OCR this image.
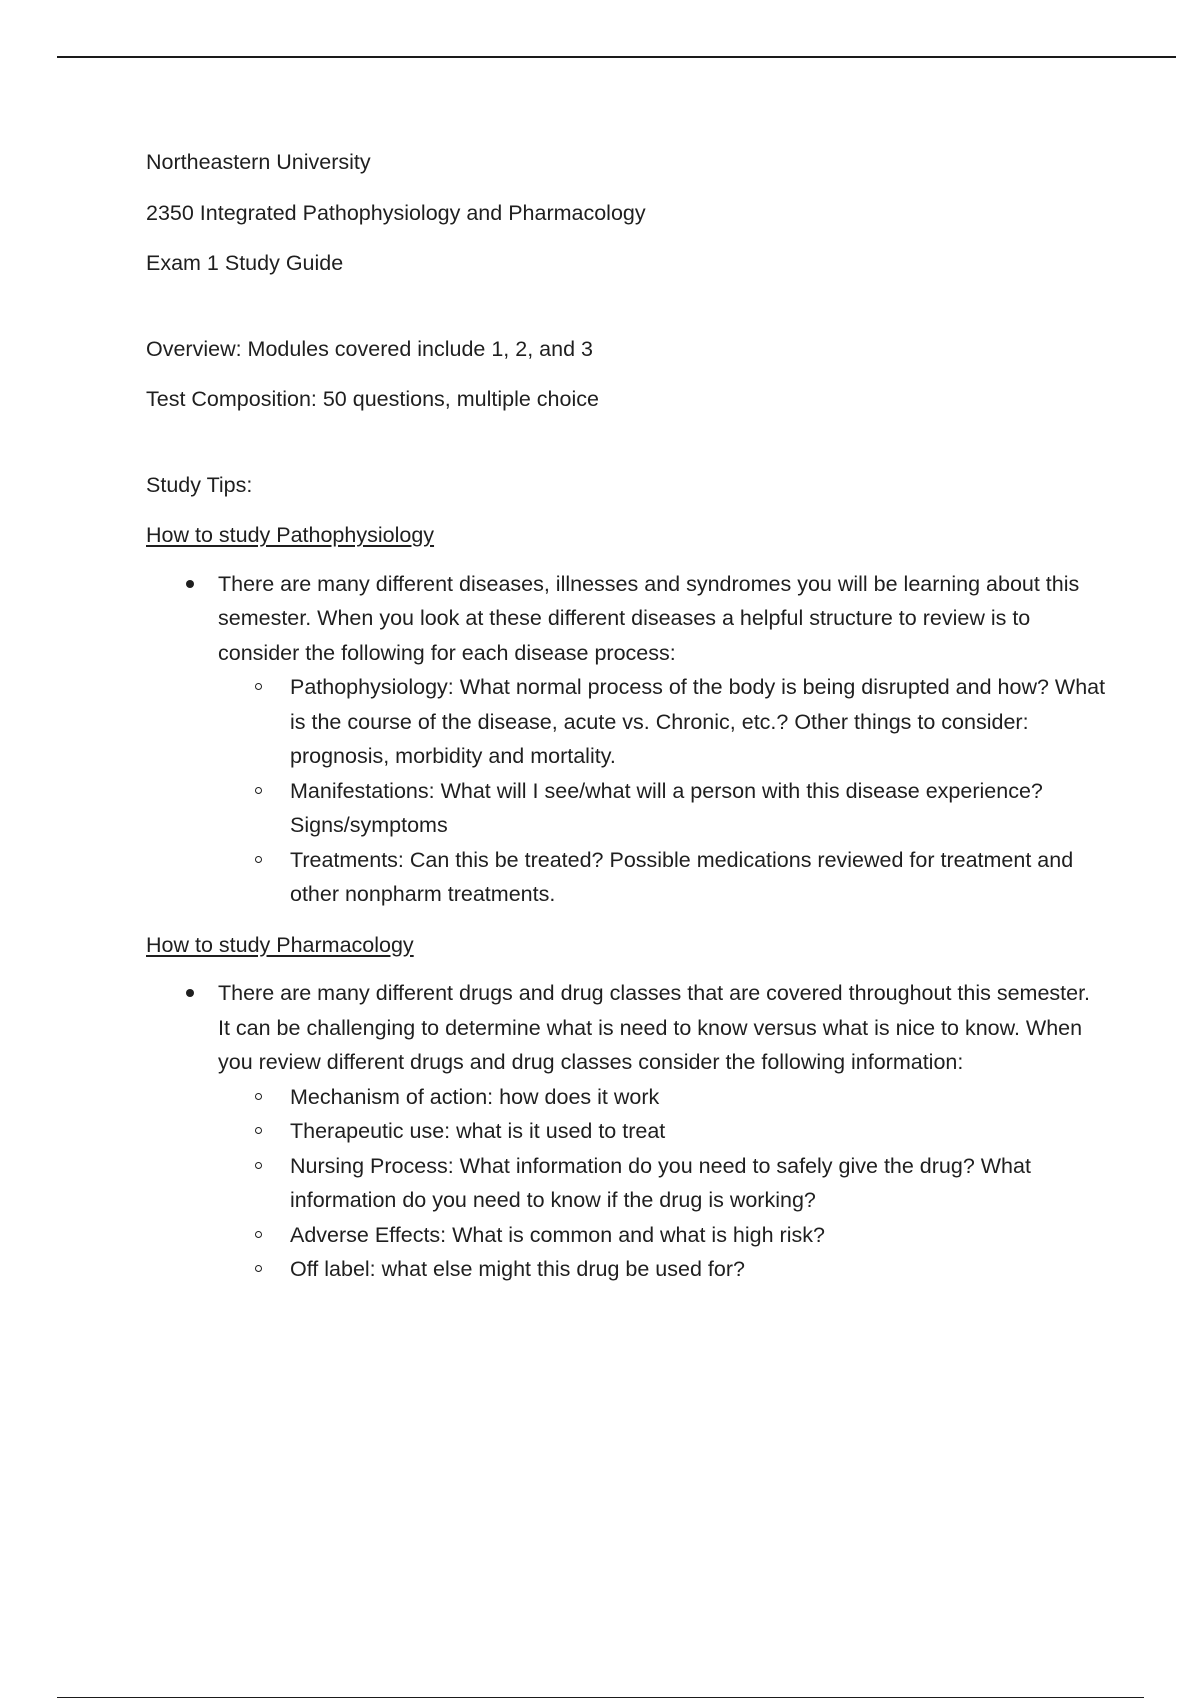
Northeastern University

2350 Integrated Pathophysiology and Pharmacology

Exam 1 Study Guide

Overview: Modules covered include 1, 2, and 3

Test Composition: 50 questions, multiple choice

Study Tips:

How to study Pathophysiology

There are many different diseases, illnesses and syndromes you will be learning about this semester. When you look at these different diseases a helpful structure to review is to consider the following for each disease process:
Pathophysiology: What normal process of the body is being disrupted and how? What is the course of the disease, acute vs. Chronic, etc.? Other things to consider: prognosis, morbidity and mortality.
Manifestations: What will I see/what will a person with this disease experience? Signs/symptoms
Treatments: Can this be treated? Possible medications reviewed for treatment and other nonpharm treatments.

How to study Pharmacology

There are many different drugs and drug classes that are covered throughout this semester. It can be challenging to determine what is need to know versus what is nice to know. When you review different drugs and drug classes consider the following information:
Mechanism of action: how does it work
Therapeutic use: what is it used to treat
Nursing Process: What information do you need to safely give the drug? What information do you need to know if the drug is working?
Adverse Effects: What is common and what is high risk?
Off label: what else might this drug be used for?
